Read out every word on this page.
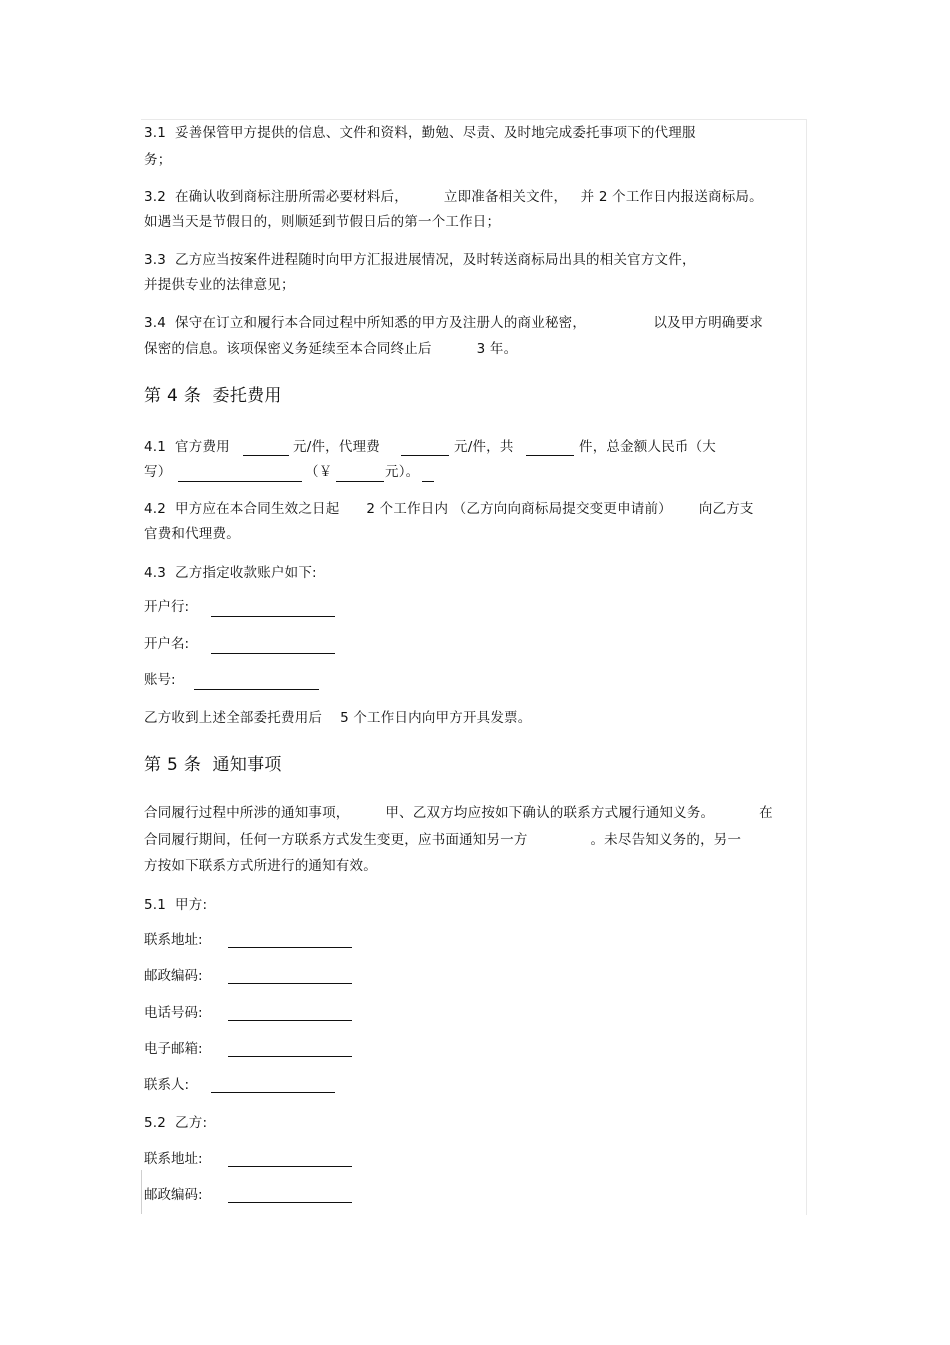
3.1  妥善保管甲方提供的信息、文件和资料，勤勉、尽责、及时地完成委托事项下的代理服
务；
3.2  在确认收到商标注册所需必要材料后，        立即准备相关文件，   并 2 个工作日内报送商标局。
如遇当天是节假日的，则顺延到节假日后的第一个工作日；
3.3  乙方应当按案件进程随时向甲方汇报进展情况，及时转送商标局出具的相关官方文件，
并提供专业的法律意见；
3.4  保守在订立和履行本合同过程中所知悉的甲方及注册人的商业秘密，               以及甲方明确要求
保密的信息。该项保密义务延续至本合同终止后          3 年。
第 4 条  委托费用
4.1  官方费用	元/件，代理费	元/件，共	件，总金额人民币（大
写）	（￥	元）。
4.2  甲方应在本合同生效之日起      2 个工作日内 （乙方向向商标局提交变更申请前）      向乙方支
官费和代理费。
4.3  乙方指定收款账户如下:
开户行:
开户名:
账号:
乙方收到上述全部委托费用后    5 个工作日内向甲方开具发票。
第 5 条  通知事项
合同履行过程中所涉的通知事项，        甲、乙双方均应按如下确认的联系方式履行通知义务。          在
合同履行期间，任何一方联系方式发生变更，应书面通知另一方              。未尽告知义务的，另一
方按如下联系方式所进行的通知有效。
5.1  甲方:
联系地址:
邮政编码:
电话号码:
电子邮箱:
联系人:
5.2  乙方:
联系地址:
邮政编码:
